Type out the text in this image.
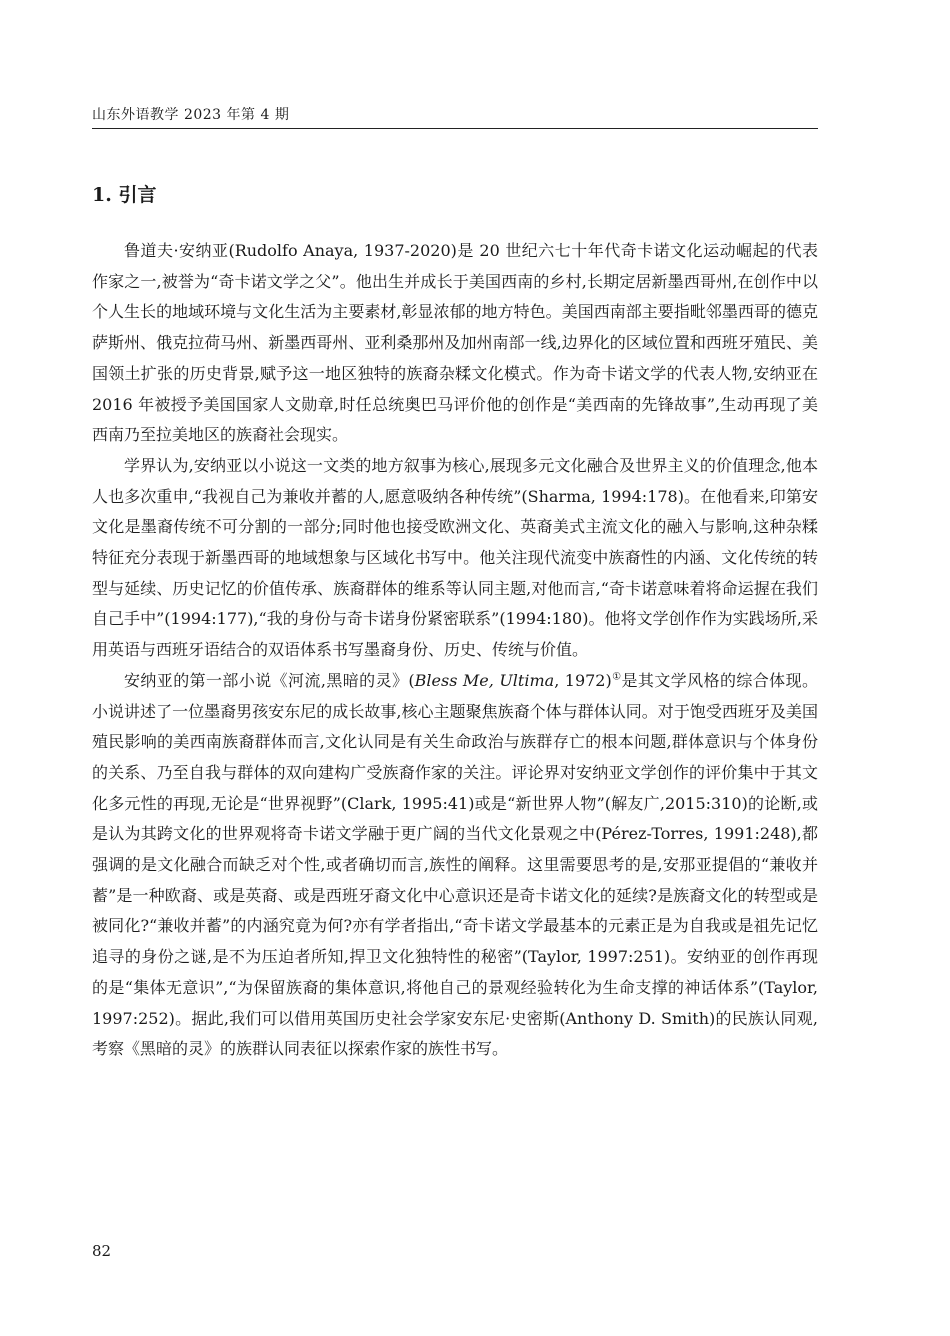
山东外语教学 2023 年第 4 期
1. 引言

鲁道夫·安纳亚(Rudolfo Anaya, 1937-2020)是 20 世纪六七十年代奇卡诺文化运动崛起的代表作家之一,被誉为“奇卡诺文学之父”。他出生并成长于美国西南的乡村,长期定居新墨西哥州,在创作中以个人生长的地域环境与文化生活为主要素材,彰显浓郁的地方特色。美国西南部主要指毗邻墨西哥的德克萨斯州、俄克拉荷马州、新墨西哥州、亚利桑那州及加州南部一线,边界化的区域位置和西班牙殖民、美国领土扩张的历史背景,赋予这一地区独特的族裔杂糅文化模式。作为奇卡诺文学的代表人物,安纳亚在 2016 年被授予美国国家人文勋章,时任总统奥巴马评价他的创作是“美西南的先锋故事”,生动再现了美西南乃至拉美地区的族裔社会现实。

学界认为,安纳亚以小说这一文类的地方叙事为核心,展现多元文化融合及世界主义的价值理念,他本人也多次重申,“我视自己为兼收并蓄的人,愿意吸纳各种传统”(Sharma, 1994:178)。在他看来,印第安文化是墨裔传统不可分割的一部分;同时他也接受欧洲文化、英裔美式主流文化的融入与影响,这种杂糅特征充分表现于新墨西哥的地域想象与区域化书写中。他关注现代流变中族裔性的内涵、文化传统的转型与延续、历史记忆的价值传承、族裔群体的维系等认同主题,对他而言,“奇卡诺意味着将命运握在我们自己手中”(1994:177),“我的身份与奇卡诺身份紧密联系”(1994:180)。他将文学创作作为实践场所,采用英语与西班牙语结合的双语体系书写墨裔身份、历史、传统与价值。

安纳亚的第一部小说《河流,黑暗的灵》(Bless Me, Ultima, 1972)①是其文学风格的综合体现。小说讲述了一位墨裔男孩安东尼的成长故事,核心主题聚焦族裔个体与群体认同。对于饱受西班牙及美国殖民影响的美西南族裔群体而言,文化认同是有关生命政治与族群存亡的根本问题,群体意识与个体身份的关系、乃至自我与群体的双向建构广受族裔作家的关注。评论界对安纳亚文学创作的评价集中于其文化多元性的再现,无论是“世界视野”(Clark, 1995:41)或是“新世界人物”(解友广,2015:310)的论断,或是认为其跨文化的世界观将奇卡诺文学融于更广阔的当代文化景观之中(Pérez-Torres, 1991:248),都强调的是文化融合而缺乏对个性,或者确切而言,族性的阐释。这里需要思考的是,安那亚提倡的“兼收并蓄”是一种欧裔、或是英裔、或是西班牙裔文化中心意识还是奇卡诺文化的延续?是族裔文化的转型或是被同化?“兼收并蓄”的内涵究竟为何?亦有学者指出,“奇卡诺文学最基本的元素正是为自我或是祖先记忆追寻的身份之谜,是不为压迫者所知,捍卫文化独特性的秘密”(Taylor, 1997:251)。安纳亚的创作再现的是“集体无意识”,“为保留族裔的集体意识,将他自己的景观经验转化为生命支撑的神话体系”(Taylor, 1997:252)。据此,我们可以借用英国历史社会学家安东尼·史密斯(Anthony D. Smith)的民族认同观,考察《黑暗的灵》的族群认同表征以探索作家的族性书写。

82
